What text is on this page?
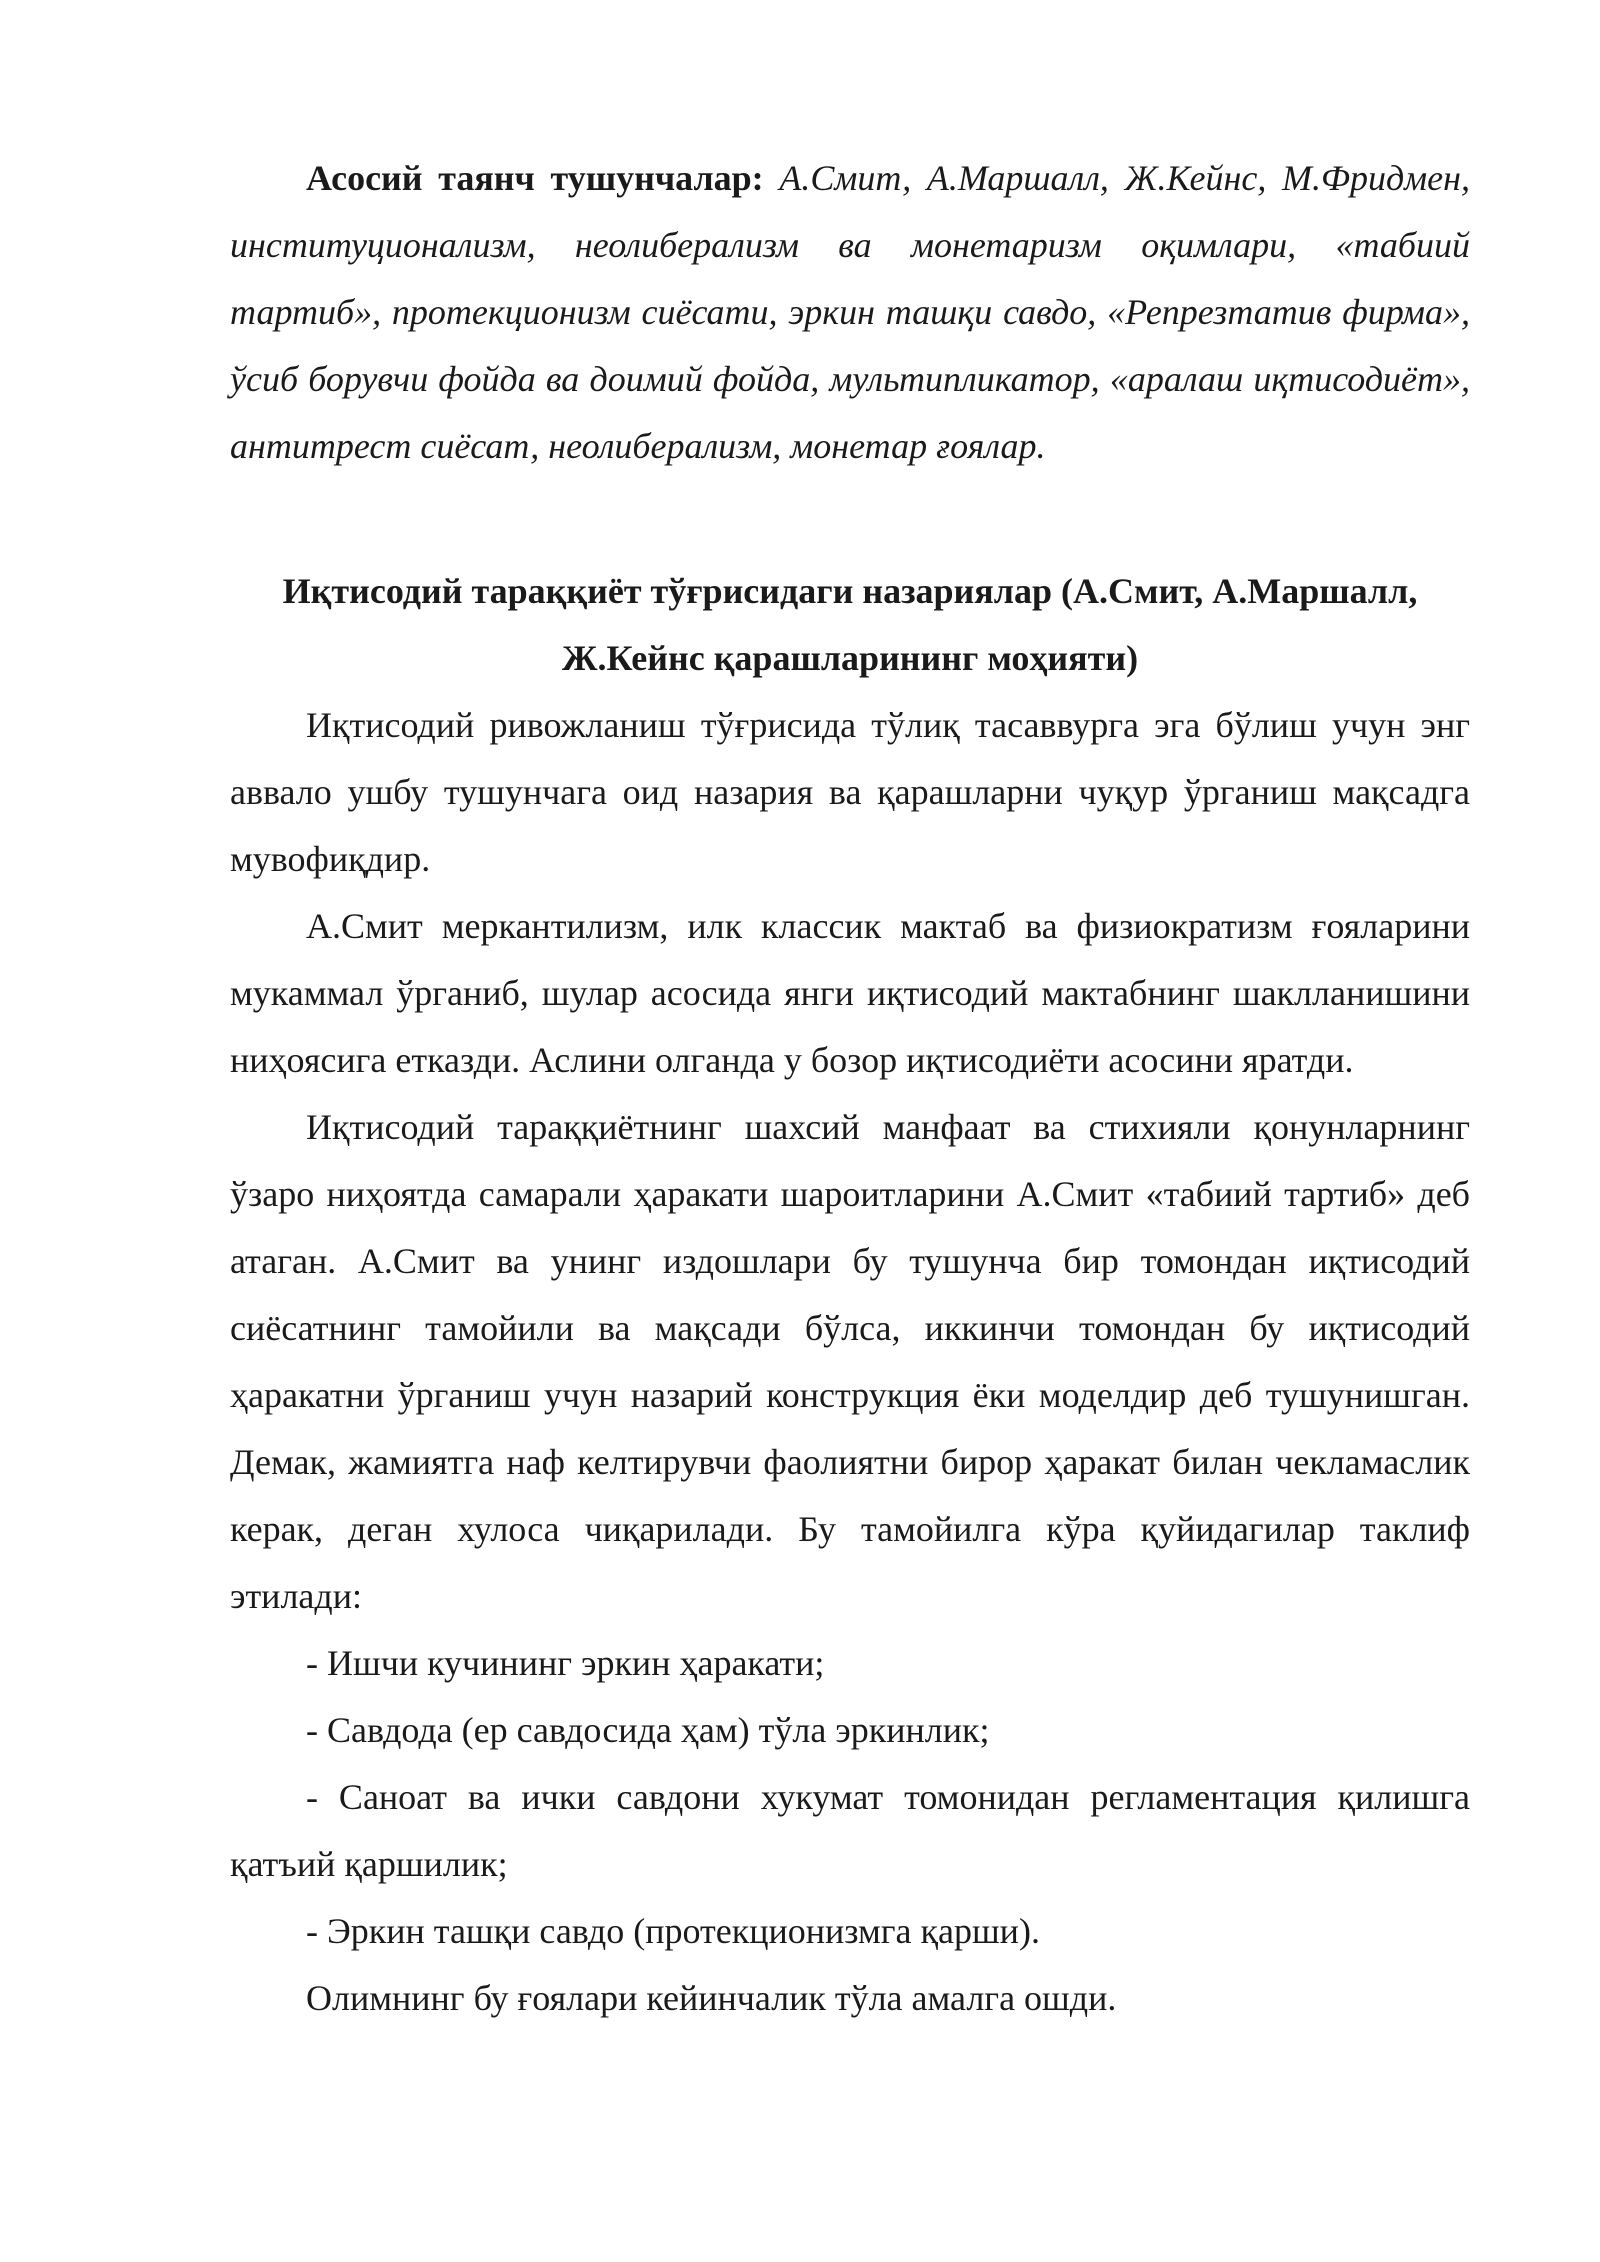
Асосий таянч тушунчалар: А.Смит, А.Маршалл, Ж.Кейнс, М.Фридмен, институционализм, неолиберализм ва монетаризм оқимлари, «табиий тартиб», протекционизм сиёсати, эркин ташқи савдо, «Репрезтатив фирма», ўсиб борувчи фойда ва доимий фойда, мультипликатор, «аралаш иқтисодиёт», антитрест сиёсат, неолиберализм, монетар ғоялар.

Иқтисодий тараққиёт тўғрисидаги назариялар (А.Смит, А.Маршалл,
Ж.Кейнс қарашларининг моҳияти)

Иқтисодий ривожланиш тўғрисида тўлиқ тасаввурга эга бўлиш учун энг аввало ушбу тушунчага оид назария ва қарашларни чуқур ўрганиш мақсадга мувофиқдир.

А.Смит меркантилизм, илк классик мактаб ва физиократизм ғояларини мукаммал ўрганиб, шулар асосида янги иқтисодий мактабнинг шаклланишини ниҳоясига етказди. Аслини олганда у бозор иқтисодиёти асосини яратди.

Иқтисодий тараққиётнинг шахсий манфаат ва стихияли қонунларнинг ўзаро ниҳоятда самарали ҳаракати шароитларини А.Смит «табиий тартиб» деб атаган. А.Смит ва унинг издошлари бу тушунча бир томондан иқтисодий сиёсатнинг тамойили ва мақсади бўлса, иккинчи томондан бу иқтисодий ҳаракатни ўрганиш учун назарий конструкция ёки моделдир деб тушунишган. Демак, жамиятга наф келтирувчи фаолиятни бирор ҳаракат билан чекламаслик керак, деган хулоса чиқарилади. Бу тамойилга кўра қуйидагилар таклиф этилади:

- Ишчи кучининг эркин ҳаракати;

- Савдода (ер савдосида ҳам) тўла эркинлик;

- Саноат ва ички савдони хукумат томонидан регламентация қилишга қатъий қаршилик;

- Эркин ташқи савдо (протекционизмга қарши).

Олимнинг бу ғоялари кейинчалик тўла амалга ошди.
